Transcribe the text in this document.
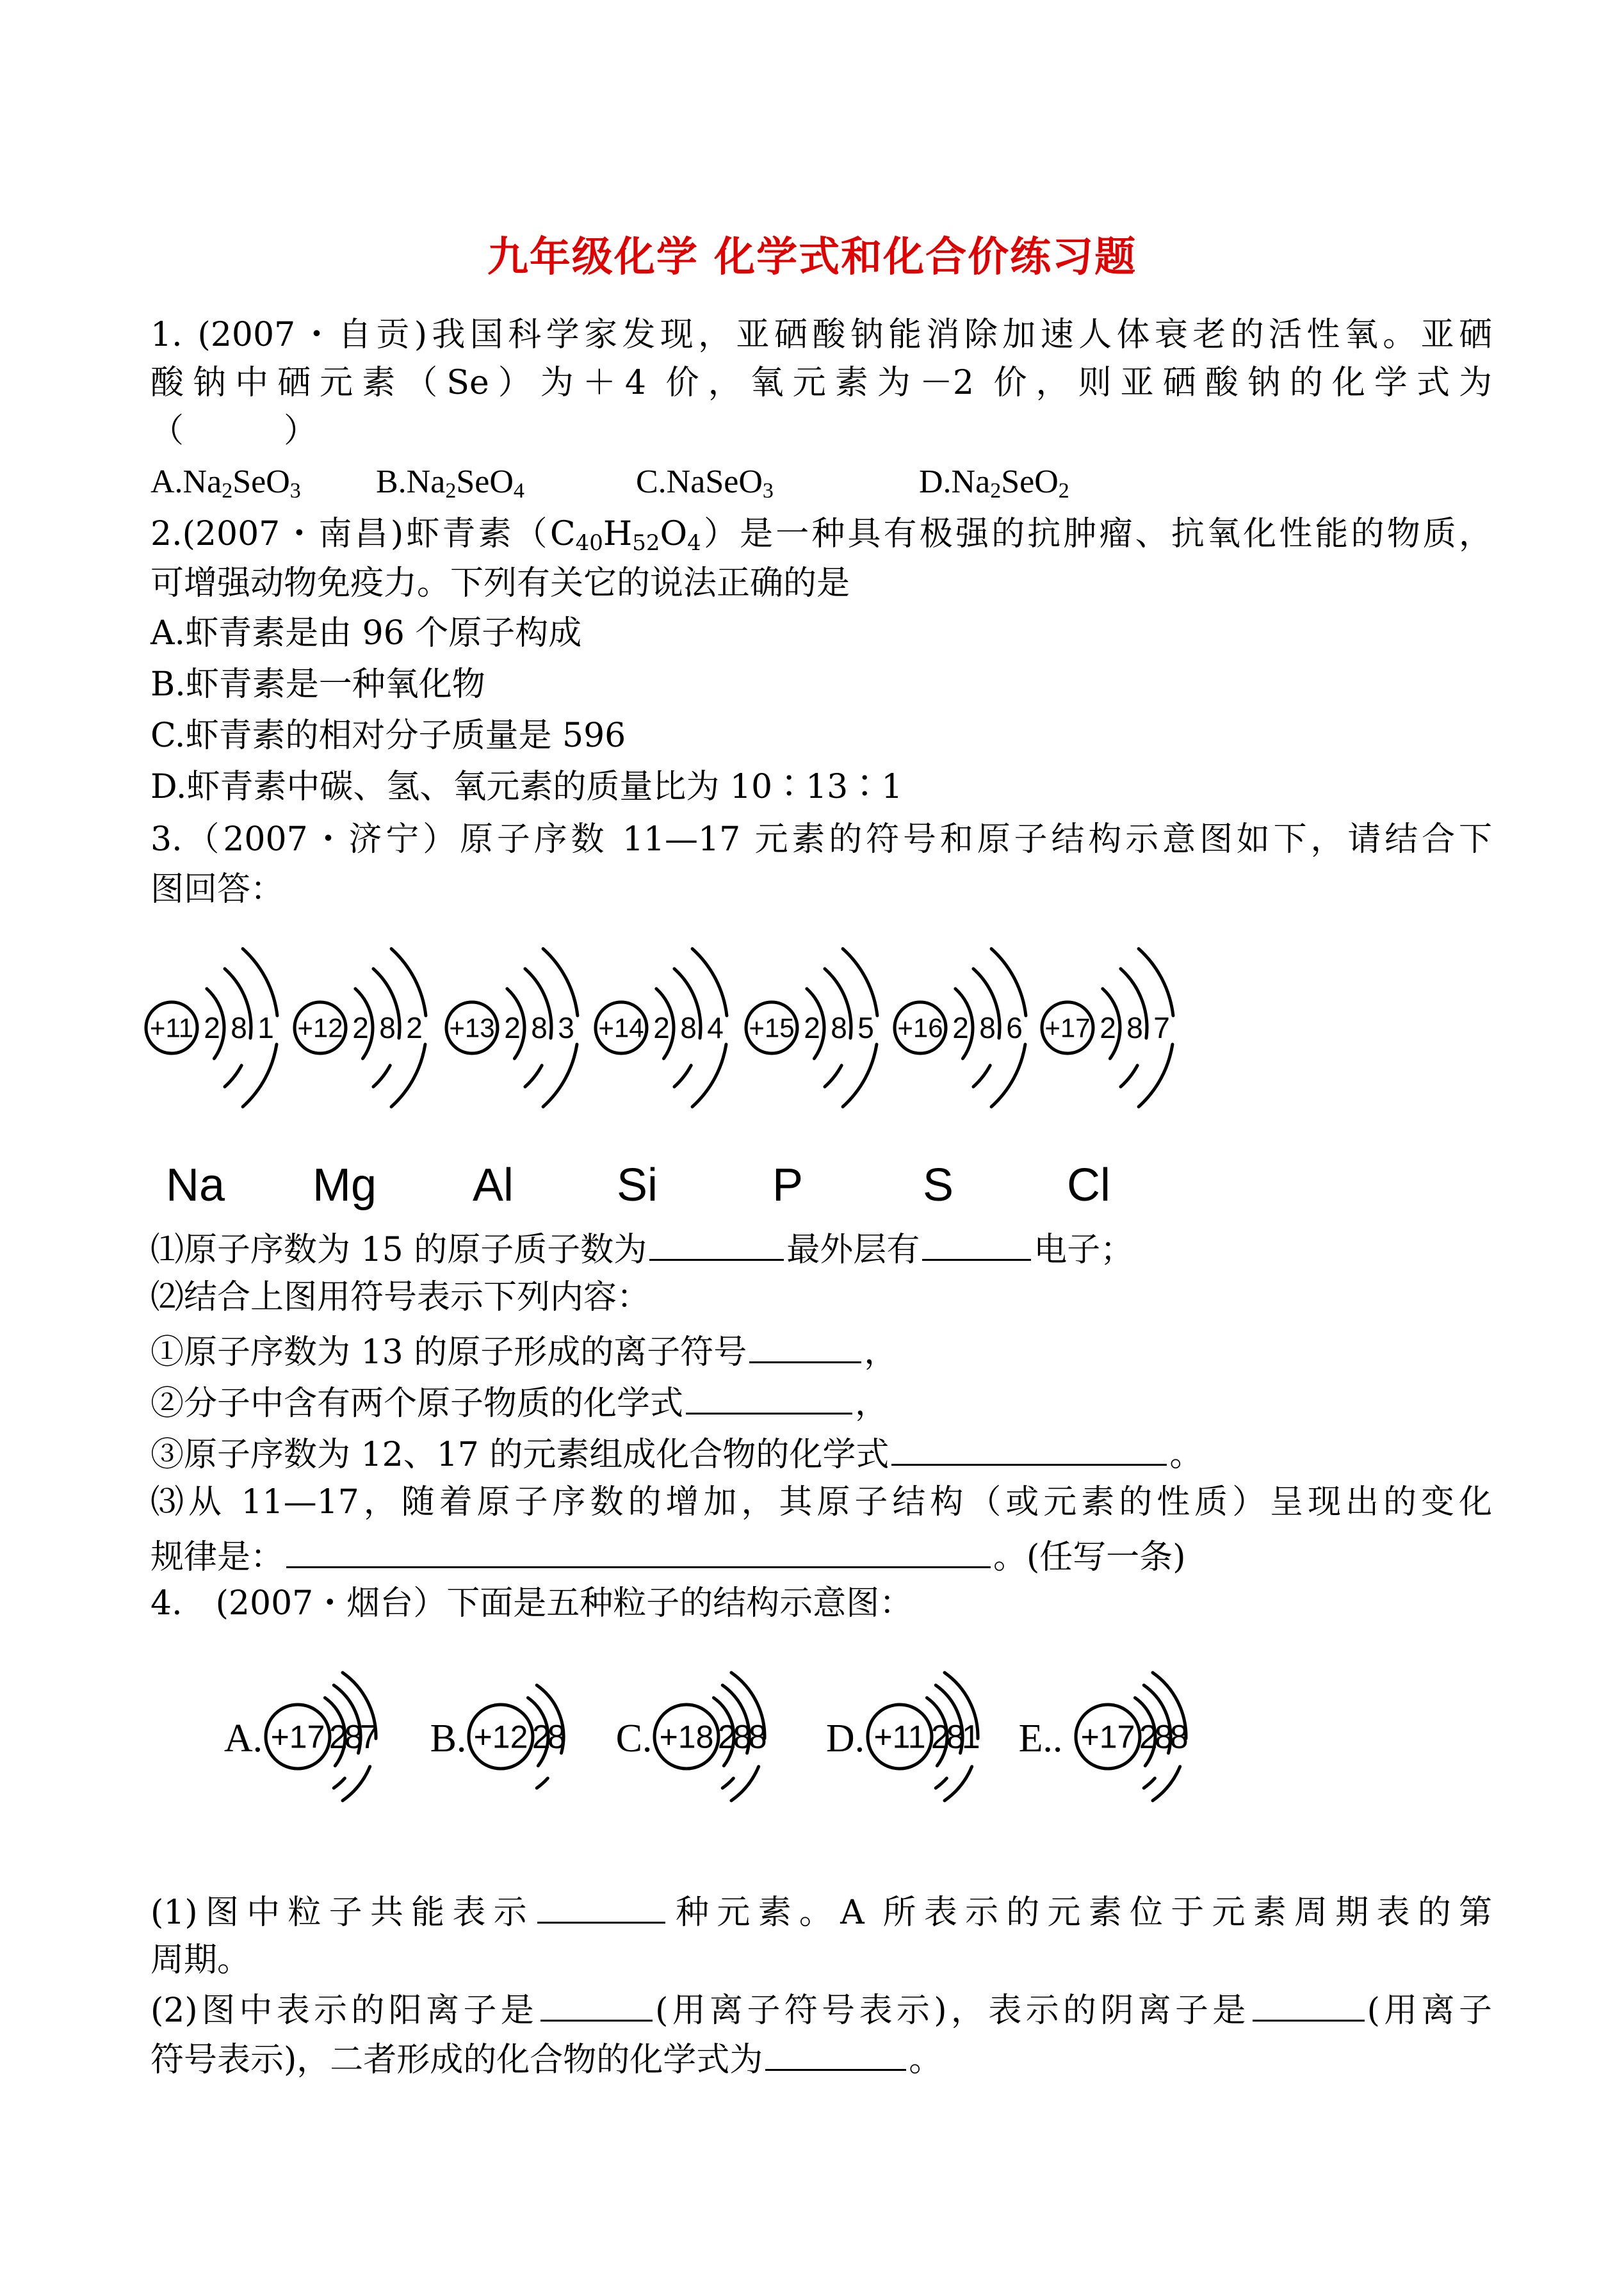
九年级化学 化学式和化合价练习题
1. (2007・自贡)我国科学家发现，亚硒酸钠能消除加速人体衰老的活性氧。亚硒
酸钠中硒元素（Se）为＋4 价，氧元素为－2 价，则亚硒酸钠的化学式为
（　　　）
$A.Na_2SeO_3$ $B.Na_2SeO_4$	C.NaSeO$_3$	$D.Na_2SeO_2$
2.(2007・南昌)虾青素$(C_{40}H_{52}O_4)$是一种具有极强的抗肿瘤、抗氧化性能的物质，
可增强动物免疫力。下列有关它的说法正确的是
A.虾青素是由 96 个原子构成
B.虾青素是一种氧化物
C.虾青素的相对分子质量是 596
D.虾青素中碳、氢、氧元素的质量比为 10∶13∶1
3.（2007・济宁）原子序数 11—17 元素的符号和原子结构示意图如下，请结合下
图回答：
+11 2 8 1
Na
+12 2 8 2
Mg
+13 2 8 3
Al
+14 2 8 4
Si
+15 2 8 5
P
+16 2 8 6
S
+17 2 8 7
Cl
A. +17 2
8
7 B. +12 2
8 C. +18 2
8
8 D. +11 2
8
1 E.. +17 2
8
8
⑴原子序数为 15 的原子质子数为	最外层有	电子；
⑵结合上图用符号表示下列内容：
①原子序数为 13 的原子形成的离子符号	，
②分子中含有两个原子物质的化学式	，
③原子序数为 12、17 的元素组成化合物的化学式	。
⑶从 11—17，随着原子序数的增加，其原子结构（或元素的性质）呈现出的变化
规律是：	。(任写一条)
4.　(2007・烟台）下面是五种粒子的结构示意图：
(1)图中粒子共能表示	种元素。A 所表示的元素位于元素周期表的第
周期。
(2)图中表示的阳离子是	(用离子符号表示)，表示的阴离子是	(用离子
符号表示)，二者形成的化合物的化学式为	。
